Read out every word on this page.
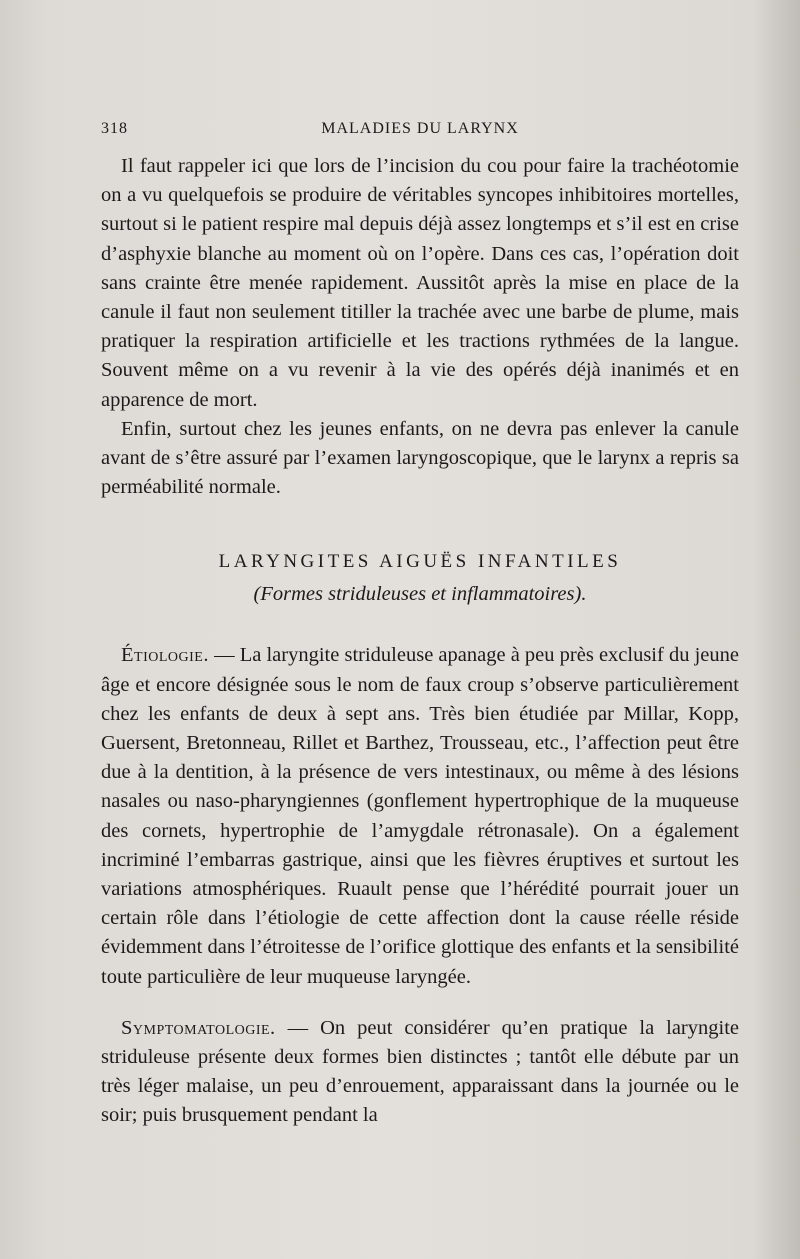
318	MALADIES DU LARYNX

Il faut rappeler ici que lors de l’incision du cou pour faire la trachéotomie on a vu quelquefois se produire de véritables syncopes inhibitoires mortelles, surtout si le patient respire mal depuis déjà assez longtemps et s’il est en crise d’asphyxie blanche au moment où on l’opère. Dans ces cas, l’opération doit sans crainte être menée rapidement. Aussitôt après la mise en place de la canule il faut non seulement titiller la trachée avec une barbe de plume, mais pratiquer la respiration artificielle et les tractions rythmées de la langue. Souvent même on a vu revenir à la vie des opérés déjà inanimés et en apparence de mort.

Enfin, surtout chez les jeunes enfants, on ne devra pas enlever la canule avant de s’être assuré par l’examen laryngoscopique, que le larynx a repris sa perméabilité normale.

LARYNGITES AIGUËS INFANTILES
(Formes striduleuses et inflammatoires).

Étiologie. — La laryngite striduleuse apanage à peu près exclusif du jeune âge et encore désignée sous le nom de faux croup s’observe particulièrement chez les enfants de deux à sept ans. Très bien étudiée par Millar, Kopp, Guersent, Bretonneau, Rillet et Barthez, Trousseau, etc., l’affection peut être due à la dentition, à la présence de vers intestinaux, ou même à des lésions nasales ou naso-pharyngiennes (gonflement hypertrophique de la muqueuse des cornets, hypertrophie de l’amygdale rétronasale). On a également incriminé l’embarras gastrique, ainsi que les fièvres éruptives et surtout les variations atmosphériques. Ruault pense que l’hérédité pourrait jouer un certain rôle dans l’étiologie de cette affection dont la cause réelle réside évidemment dans l’étroitesse de l’orifice glottique des enfants et la sensibilité toute particulière de leur muqueuse laryngée.

Symptomatologie. — On peut considérer qu’en pratique la laryngite striduleuse présente deux formes bien distinctes ; tantôt elle débute par un très léger malaise, un peu d’enrouement, apparaissant dans la journée ou le soir; puis brusquement pendant la
